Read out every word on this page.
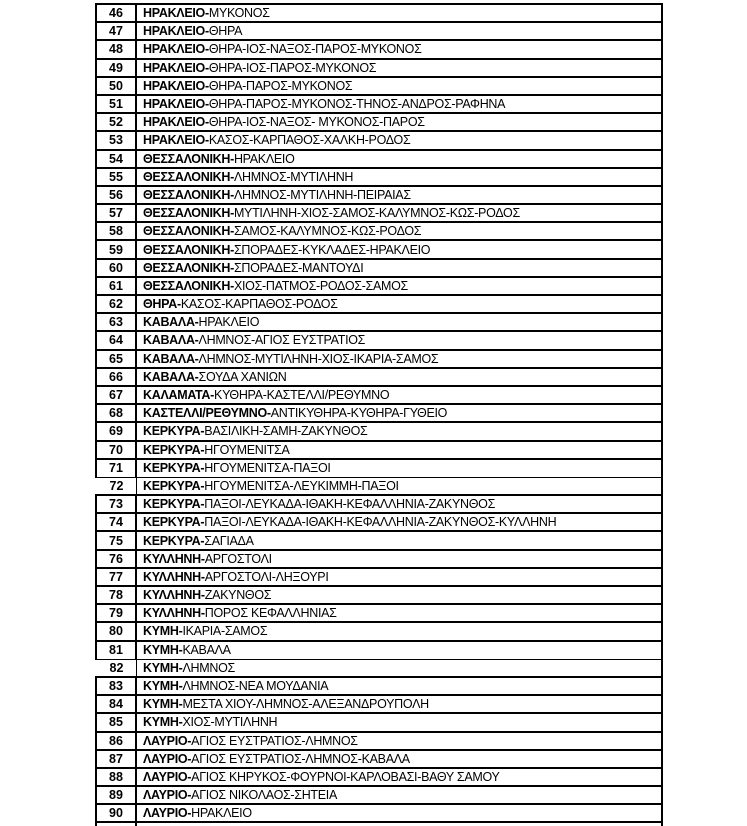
46 ΗΡΑΚΛΕΙΟ- ΜΥΚΟΝΟΣ
47 ΗΡΑΚΛΕΙΟ- ΘΗΡΑ
48 ΗΡΑΚΛΕΙΟ- ΘΗΡΑ-ΙΟΣ-ΝΑΞΟΣ-ΠΑΡΟΣ-ΜΥΚΟΝΟΣ
49 ΗΡΑΚΛΕΙΟ- ΘΗΡΑ-ΙΟΣ-ΠΑΡΟΣ-ΜΥΚΟΝΟΣ
50 ΗΡΑΚΛΕΙΟ- ΘΗΡΑ-ΠΑΡΟΣ-ΜΥΚΟΝΟΣ
51 ΗΡΑΚΛΕΙΟ- ΘΗΡΑ-ΠΑΡΟΣ-ΜΥΚΟΝΟΣ-ΤΗΝΟΣ-ΑΝΔΡΟΣ-ΡΑΦΗΝΑ
52 ΗΡΑΚΛΕΙΟ- ΘΗΡΑ-ΙΟΣ-ΝΑΞΟΣ- ΜΥΚΟΝΟΣ-ΠΑΡΟΣ
53 ΗΡΑΚΛΕΙΟ- ΚΑΣΟΣ-ΚΑΡΠΑΘΟΣ-ΧΑΛΚΗ-ΡΟΔΟΣ
54 ΘΕΣΣΑΛΟΝΙΚΗ- ΗΡΑΚΛΕΙΟ
55 ΘΕΣΣΑΛΟΝΙΚΗ- ΛΗΜΝΟΣ-ΜΥΤΙΛΗΝΗ
56 ΘΕΣΣΑΛΟΝΙΚΗ- ΛΗΜΝΟΣ-ΜΥΤΙΛΗΝΗ-ΠΕΙΡΑΙΑΣ
57 ΘΕΣΣΑΛΟΝΙΚΗ- ΜΥΤΙΛΗΝΗ-ΧΙΟΣ-ΣΑΜΟΣ-ΚΑΛΥΜΝΟΣ-ΚΩΣ-ΡΟΔΟΣ
58 ΘΕΣΣΑΛΟΝΙΚΗ- ΣΑΜΟΣ-ΚΑΛΥΜΝΟΣ-ΚΩΣ-ΡΟΔΟΣ
59 ΘΕΣΣΑΛΟΝΙΚΗ- ΣΠΟΡΑΔΕΣ-ΚΥΚΛΑΔΕΣ-ΗΡΑΚΛΕΙΟ
60 ΘΕΣΣΑΛΟΝΙΚΗ- ΣΠΟΡΑΔΕΣ-ΜΑΝΤΟΥΔΙ
61 ΘΕΣΣΑΛΟΝΙΚΗ- ΧΙΟΣ-ΠΑΤΜΟΣ-ΡΟΔΟΣ-ΣΑΜΟΣ
62 ΘΗΡΑ- ΚΑΣΟΣ-ΚΑΡΠΑΘΟΣ-ΡΟΔΟΣ
63 ΚΑΒΑΛΑ- ΗΡΑΚΛΕΙΟ
64 ΚΑΒΑΛΑ- ΛΗΜΝΟΣ-ΑΓΙΟΣ ΕΥΣΤΡΑΤΙΟΣ
65 ΚΑΒΑΛΑ- ΛΗΜΝΟΣ-ΜΥΤΙΛΗΝΗ-ΧΙΟΣ-ΙΚΑΡΙΑ-ΣΑΜΟΣ
66 ΚΑΒΑΛΑ- ΣΟΥΔΑ ΧΑΝΙΩΝ
67 ΚΑΛΑΜΑΤΑ- ΚΥΘΗΡΑ-ΚΑΣΤΕΛΛΙ/ΡΕΘΥΜΝΟ
68 ΚΑΣΤΕΛΛΙ/ΡΕΘΥΜΝΟ- ΑΝΤΙΚΥΘΗΡΑ-ΚΥΘΗΡΑ-ΓΥΘΕΙΟ
69 ΚΕΡΚΥΡΑ- ΒΑΣΙΛΙΚΗ-ΣΑΜΗ-ΖΑΚΥΝΘΟΣ
70 ΚΕΡΚΥΡΑ- ΗΓΟΥΜΕΝΙΤΣΑ
71 ΚΕΡΚΥΡΑ- ΗΓΟΥΜΕΝΙΤΣΑ-ΠΑΞΟΙ
72 ΚΕΡΚΥΡΑ- ΗΓΟΥΜΕΝΙΤΣΑ-ΛΕΥΚΙΜΜΗ-ΠΑΞΟΙ
73 ΚΕΡΚΥΡΑ- ΠΑΞΟΙ-ΛΕΥΚΑΔΑ-ΙΘΑΚΗ-ΚΕΦΑΛΛΗΝΙΑ-ΖΑΚΥΝΘΟΣ
74 ΚΕΡΚΥΡΑ- ΠΑΞΟΙ-ΛΕΥΚΑΔΑ-ΙΘΑΚΗ-ΚΕΦΑΛΛΗΝΙΑ-ΖΑΚΥΝΘΟΣ-ΚΥΛΛΗΝΗ
75 ΚΕΡΚΥΡΑ- ΣΑΓΙΑΔΑ
76 ΚΥΛΛΗΝΗ- ΑΡΓΟΣΤΟΛΙ
77 ΚΥΛΛΗΝΗ- ΑΡΓΟΣΤΟΛΙ-ΛΗΞΟΥΡΙ
78 ΚΥΛΛΗΝΗ- ΖΑΚΥΝΘΟΣ
79 ΚΥΛΛΗΝΗ- ΠΟΡΟΣ ΚΕΦΑΛΛΗΝΙΑΣ
80 ΚΥΜΗ- ΙΚΑΡΙΑ-ΣΑΜΟΣ
81 ΚΥΜΗ- ΚΑΒΑΛΑ
82 ΚΥΜΗ- ΛΗΜΝΟΣ
83 ΚΥΜΗ- ΛΗΜΝΟΣ-ΝΕΑ ΜΟΥΔΑΝΙΑ
84 ΚΥΜΗ- ΜΕΣΤΑ ΧΙΟΥ-ΛΗΜΝΟΣ-ΑΛΕΞΑΝΔΡΟΥΠΟΛΗ
85 ΚΥΜΗ- ΧΙΟΣ-ΜΥΤΙΛΗΝΗ
86 ΛΑΥΡΙΟ- ΑΓΙΟΣ ΕΥΣΤΡΑΤΙΟΣ-ΛΗΜΝΟΣ
87 ΛΑΥΡΙΟ- ΑΓΙΟΣ ΕΥΣΤΡΑΤΙΟΣ-ΛΗΜΝΟΣ-ΚΑΒΑΛΑ
88 ΛΑΥΡΙΟ- ΑΓΙΟΣ ΚΗΡΥΚΟΣ-ΦΟΥΡΝΟΙ-ΚΑΡΛΟΒΑΣΙ-ΒΑΘΥ ΣΑΜΟΥ
89 ΛΑΥΡΙΟ- ΑΓΙΟΣ ΝΙΚΟΛΑΟΣ-ΣΗΤΕΙΑ
90 ΛΑΥΡΙΟ- ΗΡΑΚΛΕΙΟ
